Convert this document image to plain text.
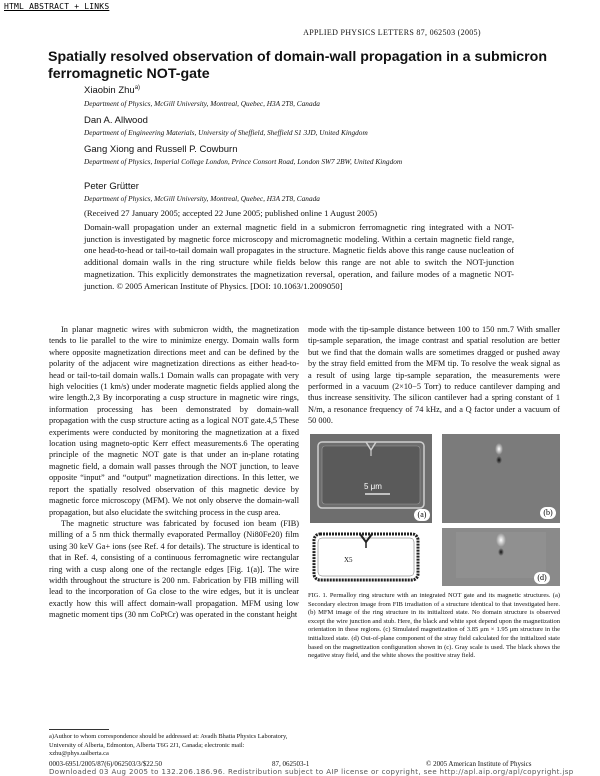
HTML ABSTRACT + LINKS
APPLIED PHYSICS LETTERS 87, 062503 (2005)
Spatially resolved observation of domain-wall propagation in a submicron ferromagnetic NOT-gate
Xiaobin Zhu$^{a)}$
Department of Physics, McGill University, Montreal, Quebec, H3A 2T8, Canada
Dan A. Allwood
Department of Engineering Materials, University of Sheffield, Sheffield S1 3JD, United Kingdom
Gang Xiong and Russell P. Cowburn
Department of Physics, Imperial College London, Prince Consort Road, London SW7 2BW, United Kingdom
Peter Grütter
Department of Physics, McGill University, Montreal, Quebec, H3A 2T8, Canada
(Received 27 January 2005; accepted 22 June 2005; published online 1 August 2005)
Domain-wall propagation under an external magnetic field in a submicron ferromagnetic ring integrated with a NOT-junction is investigated by magnetic force microscopy and micromagnetic modeling. Within a certain magnetic field range, one head-to-head or tail-to-tail domain wall propagates in the structure. Magnetic fields above this range cause nucleation of additional domain walls in the ring structure while fields below this range are not able to switch the NOT-junction magnetization. This explicitly demonstrates the magnetization reversal, operation, and failure modes of a magnetic NOT-junction. © 2005 American Institute of Physics. [DOI: 10.1063/1.2009050]

In planar magnetic wires with submicron width, the magnetization tends to lie parallel to the wire to minimize energy. Domain walls form where opposite magnetization directions meet and can be defined by the polarity of the adjacent wire magnetization directions as either head-to-head or tail-to-tail domain walls.1 Domain walls can propagate with very high velocities (1 km/s) under moderate magnetic fields applied along the wire length.2,3 By incorporating a cusp structure in magnetic wire rings, information processing has been demonstrated by domain-wall propagation with the cusp structure acting as a logical NOT gate.4,5 These experiments were conducted by monitoring the magnetization at a fixed location using magneto-optic Kerr effect measurements.6 The operating principle of the magnetic NOT gate is that under an in-plane rotating magnetic field, a domain wall passes through the NOT junction, to leave opposite “input” and “output” magnetization directions. In this letter, we report the spatially resolved observation of this magnetic device by magnetic force microscopy (MFM). We not only observe the domain-wall propagation, but also elucidate the switching process in the cusp area.

The magnetic structure was fabricated by focused ion beam (FIB) milling of a 5 nm thick thermally evaporated Permalloy (Ni80Fe20) film using 30 keV Ga+ ions (see Ref. 4 for details). The structure is identical to that in Ref. 4, consisting of a continuous ferromagnetic wire rectangular ring with a cusp along one of the rectangle edges [Fig. 1(a)]. The wire width throughout the structure is 200 nm. Fabrication by FIB milling will lead to the incorporation of Ga close to the wire edges, but it is unclear exactly how this will affect domain-wall propagation. MFM using low magnetic moment tips (30 nm CoPtCr) was operated in the constant height

mode with the tip-sample distance between 100 to 150 nm.7 With smaller tip-sample separation, the image contrast and spatial resolution are better but we find that the domain walls are sometimes dragged or pushed away by the stray field emitted from the MFM tip. To resolve the weak signal as a result of using large tip-sample separation, the measurements were performed in a vacuum (2×10−5 Torr) to reduce cantilever damping and thus increase sensitivity. The silicon cantilever had a spring constant of 1 N/m, a resonance frequency of 74 kHz, and a Q factor under a vacuum of 50 000.

5 μm
(a)	(b)
X5
(d)
FIG. 1. Permalloy ring structure with an integrated NOT gate and its magnetic structures. (a) Secondary electron image from FIB irradiation of a structure identical to that investigated here. (b) MFM image of the ring structure in its initialized state. No domain structure is observed except the wire junction and stub. Here, the black and white spot depend upon the magnetization orientation in these regions. (c) Simulated magnetization of 3.85 μm × 1.95 μm structure in the initialized state. (d) Out-of-plane component of the stray field calculated for the initialized state based on the magnetization configuration shown in (c). Gray scale is used. The black shows the negative stray field, and the white shows the positive stray field.
a)Author to whom correspondence should be addressed at: Avadh Bhatia Physics Laboratory, University of Alberta, Edmonton, Alberta T6G 2J1, Canada; electronic mail: xzhu@phys.ualberta.ca
0003-6951/2005/87(6)/062503/3/$22.50	87, 062503-1	© 2005 American Institute of Physics
Downloaded 03 Aug 2005 to 132.206.186.96. Redistribution subject to AIP license or copyright, see http://apl.aip.org/apl/copyright.jsp
